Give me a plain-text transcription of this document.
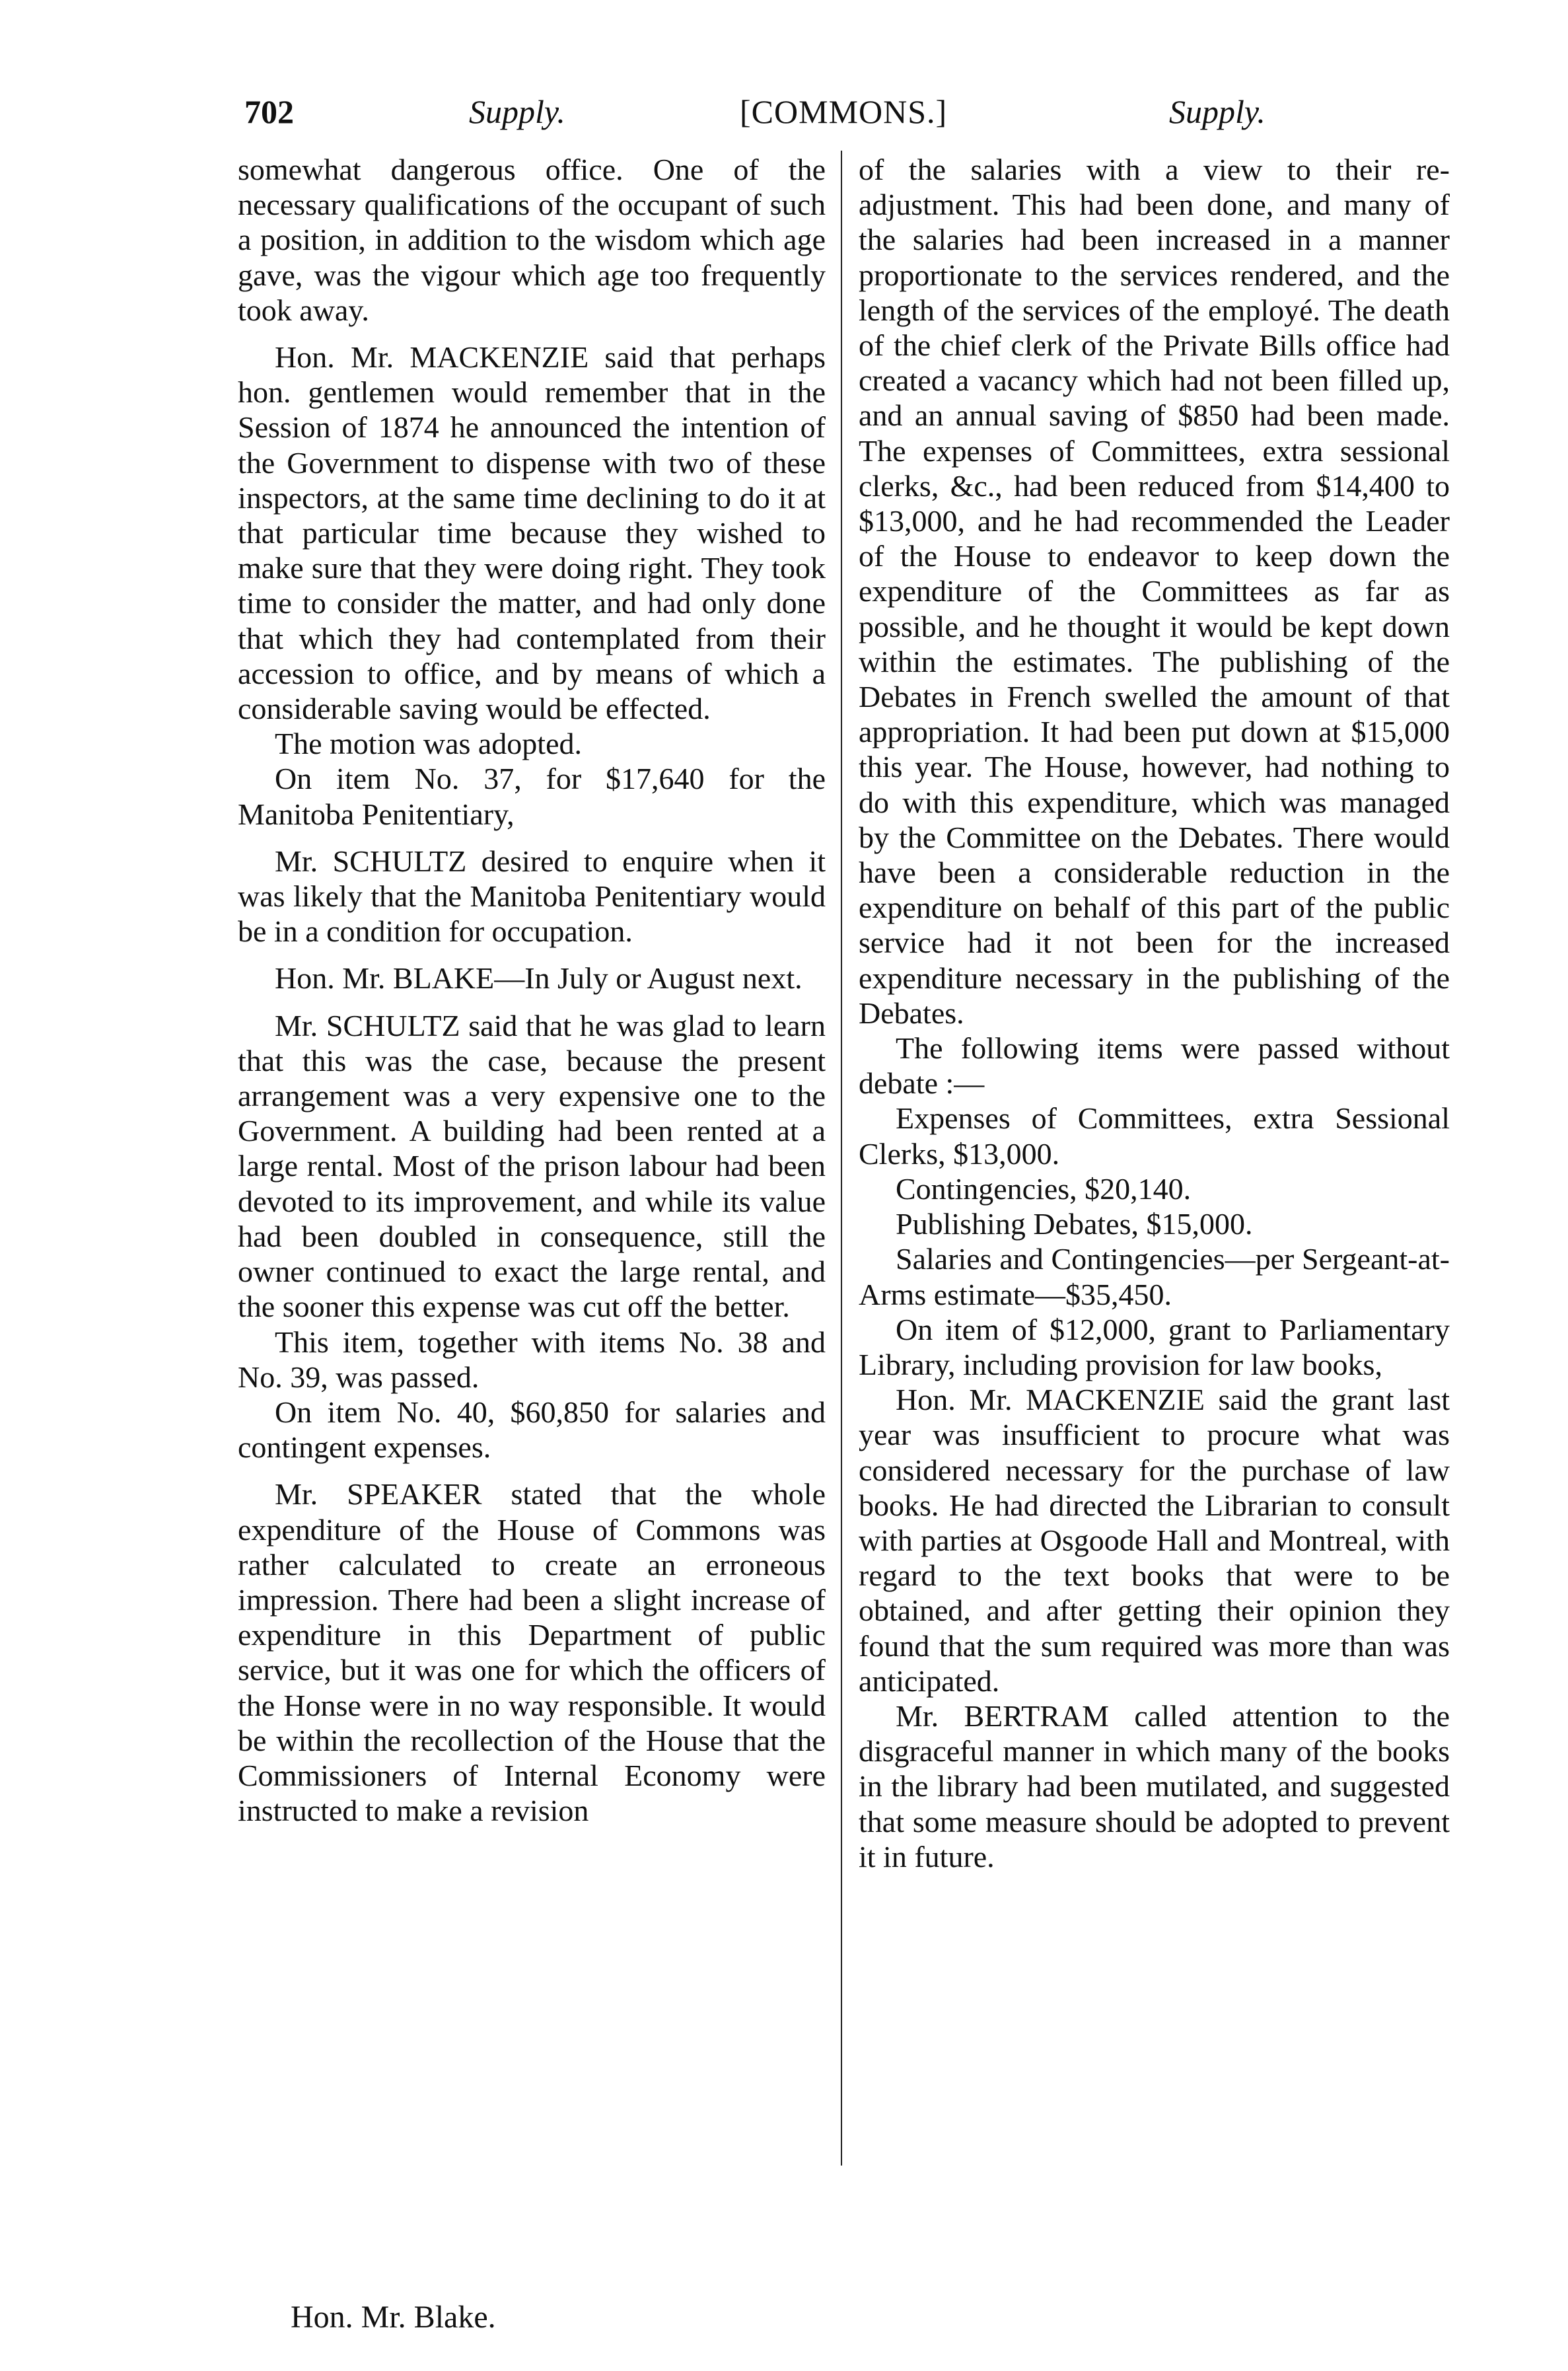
702	Supply.	[COMMONS.]	Supply.

somewhat dangerous office. One of the necessary qualifications of the occupant of such a position, in addition to the wisdom which age gave, was the vigour which age too frequently took away.

Hon. Mr. MACKENZIE said that perhaps hon. gentlemen would remember that in the Session of 1874 he announced the intention of the Government to dispense with two of these inspectors, at the same time declining to do it at that particular time because they wished to make sure that they were doing right. They took time to consider the matter, and had only done that which they had contemplated from their accession to office, and by means of which a considerable saving would be effected.

The motion was adopted.

On item No. 37, for $17,640 for the Manitoba Penitentiary,

Mr. SCHULTZ desired to enquire when it was likely that the Manitoba Penitentiary would be in a condition for occupation.

Hon. Mr. BLAKE—In July or August next.

Mr. SCHULTZ said that he was glad to learn that this was the case, because the present arrangement was a very expensive one to the Government. A building had been rented at a large rental. Most of the prison labour had been devoted to its improvement, and while its value had been doubled in consequence, still the owner continued to exact the large rental, and the sooner this expense was cut off the better.

This item, together with items No. 38 and No. 39, was passed.

On item No. 40, $60,850 for salaries and contingent expenses.

Mr. SPEAKER stated that the whole expenditure of the House of Commons was rather calculated to create an erroneous impression. There had been a slight increase of expenditure in this Department of public service, but it was one for which the officers of the Honse were in no way responsible. It would be within the recollection of the House that the Commissioners of Internal Economy were instructed to make a revision

of the salaries with a view to their re-adjustment. This had been done, and many of the salaries had been increased in a manner proportionate to the services rendered, and the length of the services of the employé. The death of the chief clerk of the Private Bills office had created a vacancy which had not been filled up, and an annual saving of $850 had been made. The expenses of Committees, extra sessional clerks, &c., had been reduced from $14,400 to $13,000, and he had recommended the Leader of the House to endeavor to keep down the expenditure of the Committees as far as possible, and he thought it would be kept down within the estimates. The publishing of the Debates in French swelled the amount of that appropriation. It had been put down at $15,000 this year. The House, however, had nothing to do with this expenditure, which was managed by the Committee on the Debates. There would have been a considerable reduction in the expenditure on behalf of this part of the public service had it not been for the increased expenditure necessary in the publishing of the Debates.

The following items were passed without debate :—

Expenses of Committees, extra Sessional Clerks, $13,000.

Contingencies, $20,140.

Publishing Debates, $15,000.

Salaries and Contingencies—per Sergeant-at-Arms estimate—$35,450.

On item of $12,000, grant to Parliamentary Library, including provision for law books,

Hon. Mr. MACKENZIE said the grant last year was insufficient to procure what was considered necessary for the purchase of law books. He had directed the Librarian to consult with parties at Osgoode Hall and Montreal, with regard to the text books that were to be obtained, and after getting their opinion they found that the sum required was more than was anticipated.

Mr. BERTRAM called attention to the disgraceful manner in which many of the books in the library had been mutilated, and suggested that some measure should be adopted to prevent it in future.

Hon. Mr. Blake.
